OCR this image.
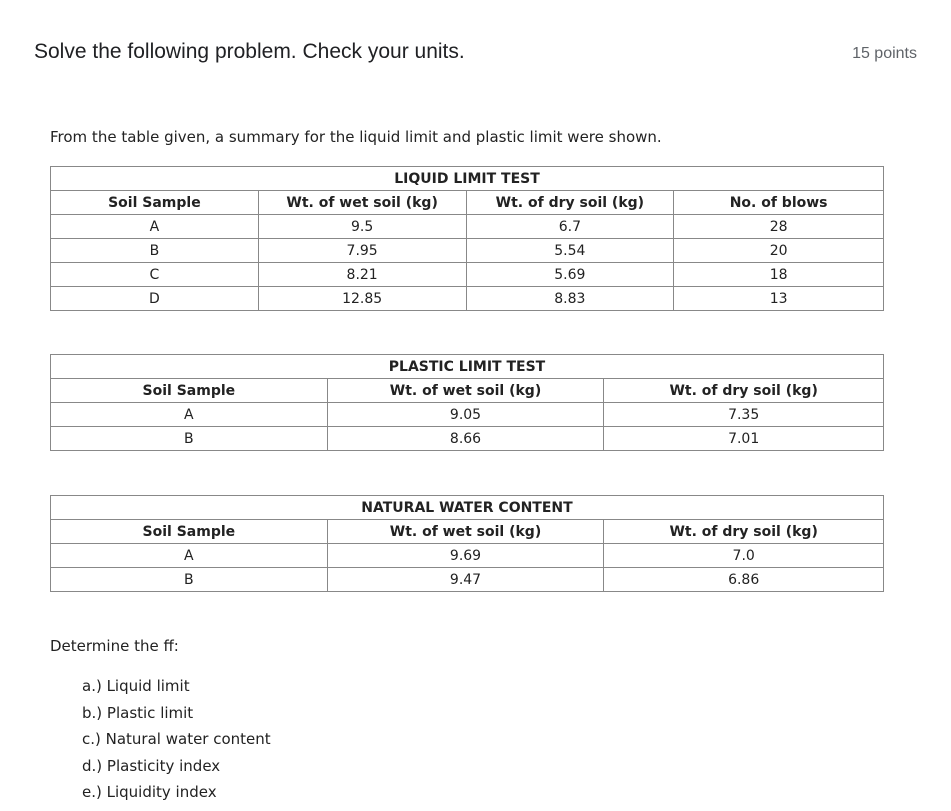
Solve the following problem. Check your units.	15 points
From the table given, a summary for the liquid limit and plastic limit were shown.
LIQUID LIMIT TEST			
Soil Sample	Wt. of wet soil (kg)	Wt. of dry soil (kg)	No. of blows
A	9.5	6.7	28
B	7.95	5.54	20
C	8.21	5.69	18
D	12.85	8.83	13
PLASTIC LIMIT TEST		
Soil Sample	Wt. of wet soil (kg)	Wt. of dry soil (kg)
A	9.05	7.35
B	8.66	7.01
NATURAL WATER CONTENT		
Soil Sample	Wt. of wet soil (kg)	Wt. of dry soil (kg)
A	9.69	7.0
B	9.47	6.86
Determine the ff:
a.) Liquid limit
b.) Plastic limit
c.) Natural water content
d.) Plasticity index
e.) Liquidity index
